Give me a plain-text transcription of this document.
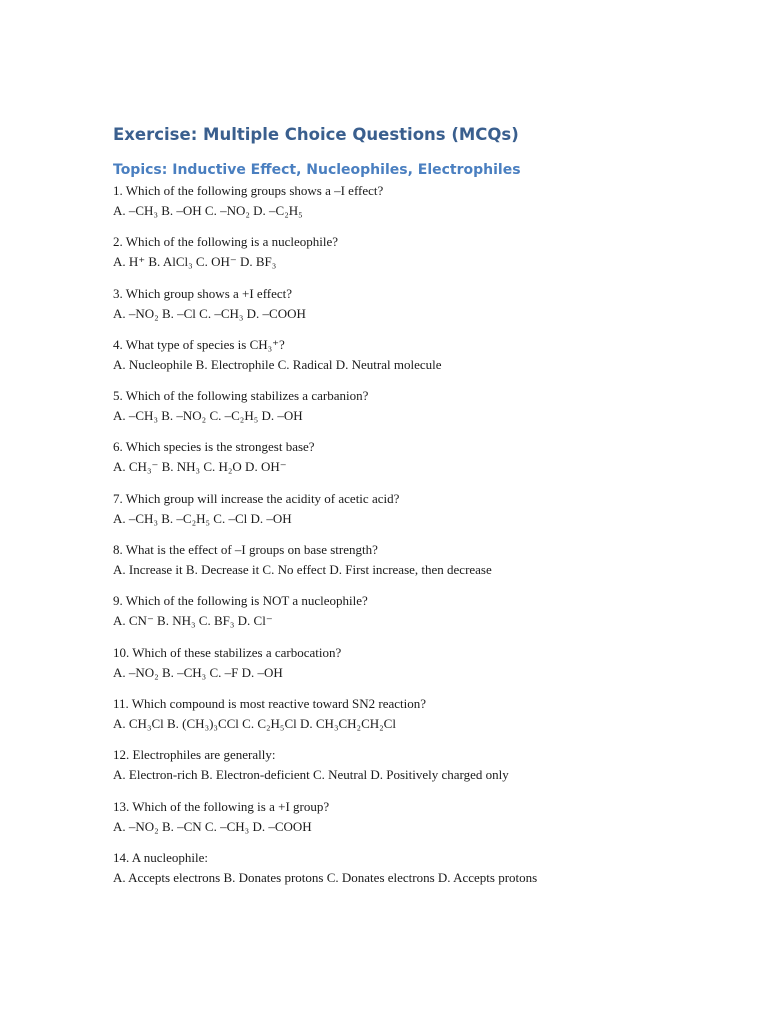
Exercise: Multiple Choice Questions (MCQs)
Topics: Inductive Effect, Nucleophiles, Electrophiles
1. Which of the following groups shows a –I effect?
A. –CH₃ B. –OH C. –NO₂ D. –C₂H₅
2. Which of the following is a nucleophile?
A. H⁺ B. AlCl₃ C. OH⁻ D. BF₃
3. Which group shows a +I effect?
A. –NO₂ B. –Cl C. –CH₃ D. –COOH
4. What type of species is CH₃⁺?
A. Nucleophile B. Electrophile C. Radical D. Neutral molecule
5. Which of the following stabilizes a carbanion?
A. –CH₃ B. –NO₂ C. –C₂H₅ D. –OH
6. Which species is the strongest base?
A. CH₃⁻ B. NH₃ C. H₂O D. OH⁻
7. Which group will increase the acidity of acetic acid?
A. –CH₃ B. –C₂H₅ C. –Cl D. –OH
8. What is the effect of –I groups on base strength?
A. Increase it B. Decrease it C. No effect D. First increase, then decrease
9. Which of the following is NOT a nucleophile?
A. CN⁻ B. NH₃ C. BF₃ D. Cl⁻
10. Which of these stabilizes a carbocation?
A. –NO₂ B. –CH₃ C. –F D. –OH
11. Which compound is most reactive toward SN2 reaction?
A. CH₃Cl B. (CH₃)₃CCl C. C₂H₅Cl D. CH₃CH₂CH₂Cl
12. Electrophiles are generally:
A. Electron-rich B. Electron-deficient C. Neutral D. Positively charged only
13. Which of the following is a +I group?
A. –NO₂ B. –CN C. –CH₃ D. –COOH
14. A nucleophile:
A. Accepts electrons B. Donates protons C. Donates electrons D. Accepts protons
